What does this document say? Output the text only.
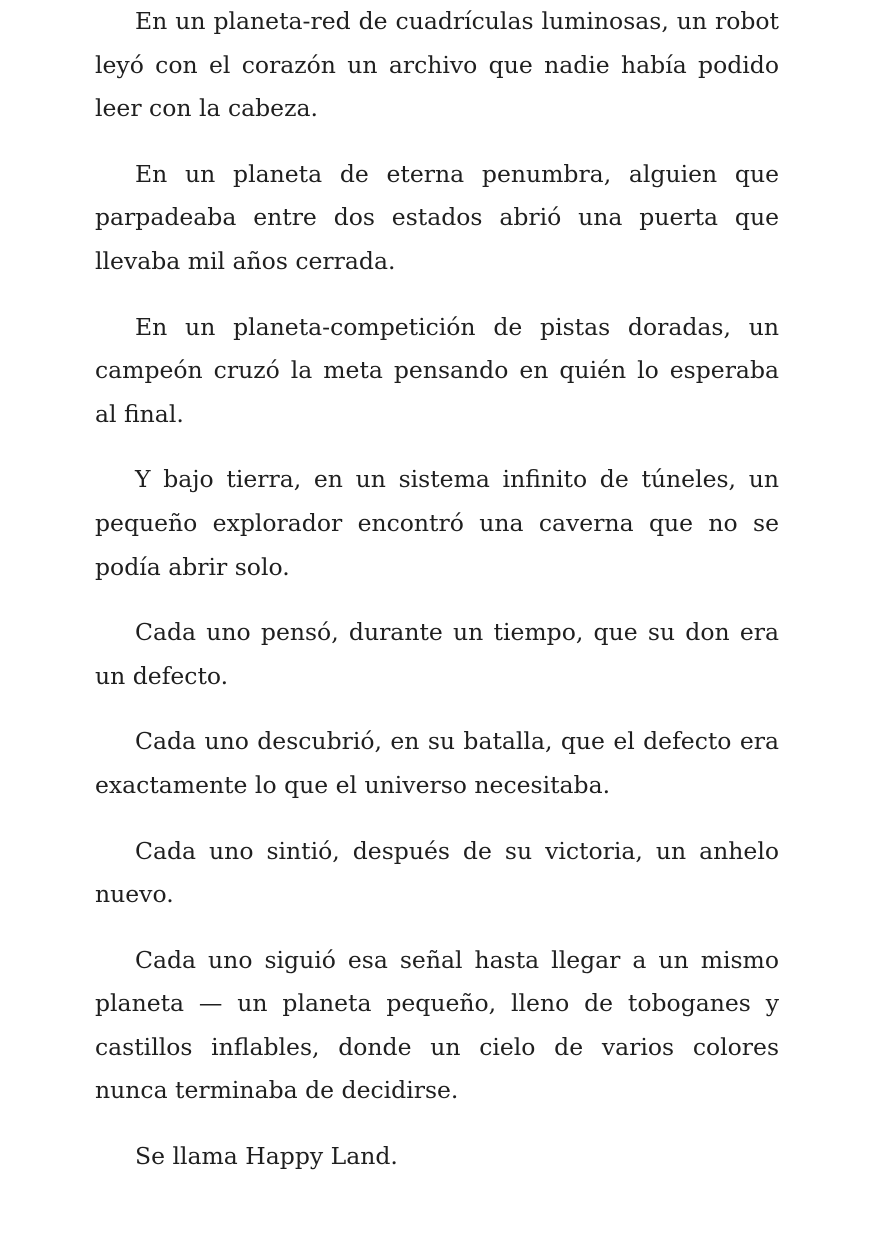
En un planeta-red de cuadrículas luminosas, un robot leyó con el corazón un archivo que nadie había podido leer con la cabeza.

En un planeta de eterna penumbra, alguien que parpadeaba entre dos estados abrió una puerta que llevaba mil años cerrada.

En un planeta-competición de pistas doradas, un campeón cruzó la meta pensando en quién lo esperaba al final.

Y bajo tierra, en un sistema infinito de túneles, un pequeño explorador encontró una caverna que no se podía abrir solo.

Cada uno pensó, durante un tiempo, que su don era un defecto.

Cada uno descubrió, en su batalla, que el defecto era exactamente lo que el universo necesitaba.

Cada uno sintió, después de su victoria, un anhelo nuevo.

Cada uno siguió esa señal hasta llegar a un mismo planeta — un planeta pequeño, lleno de toboganes y castillos inflables, donde un cielo de varios colores nunca terminaba de decidirse.

Se llama Happy Land.
